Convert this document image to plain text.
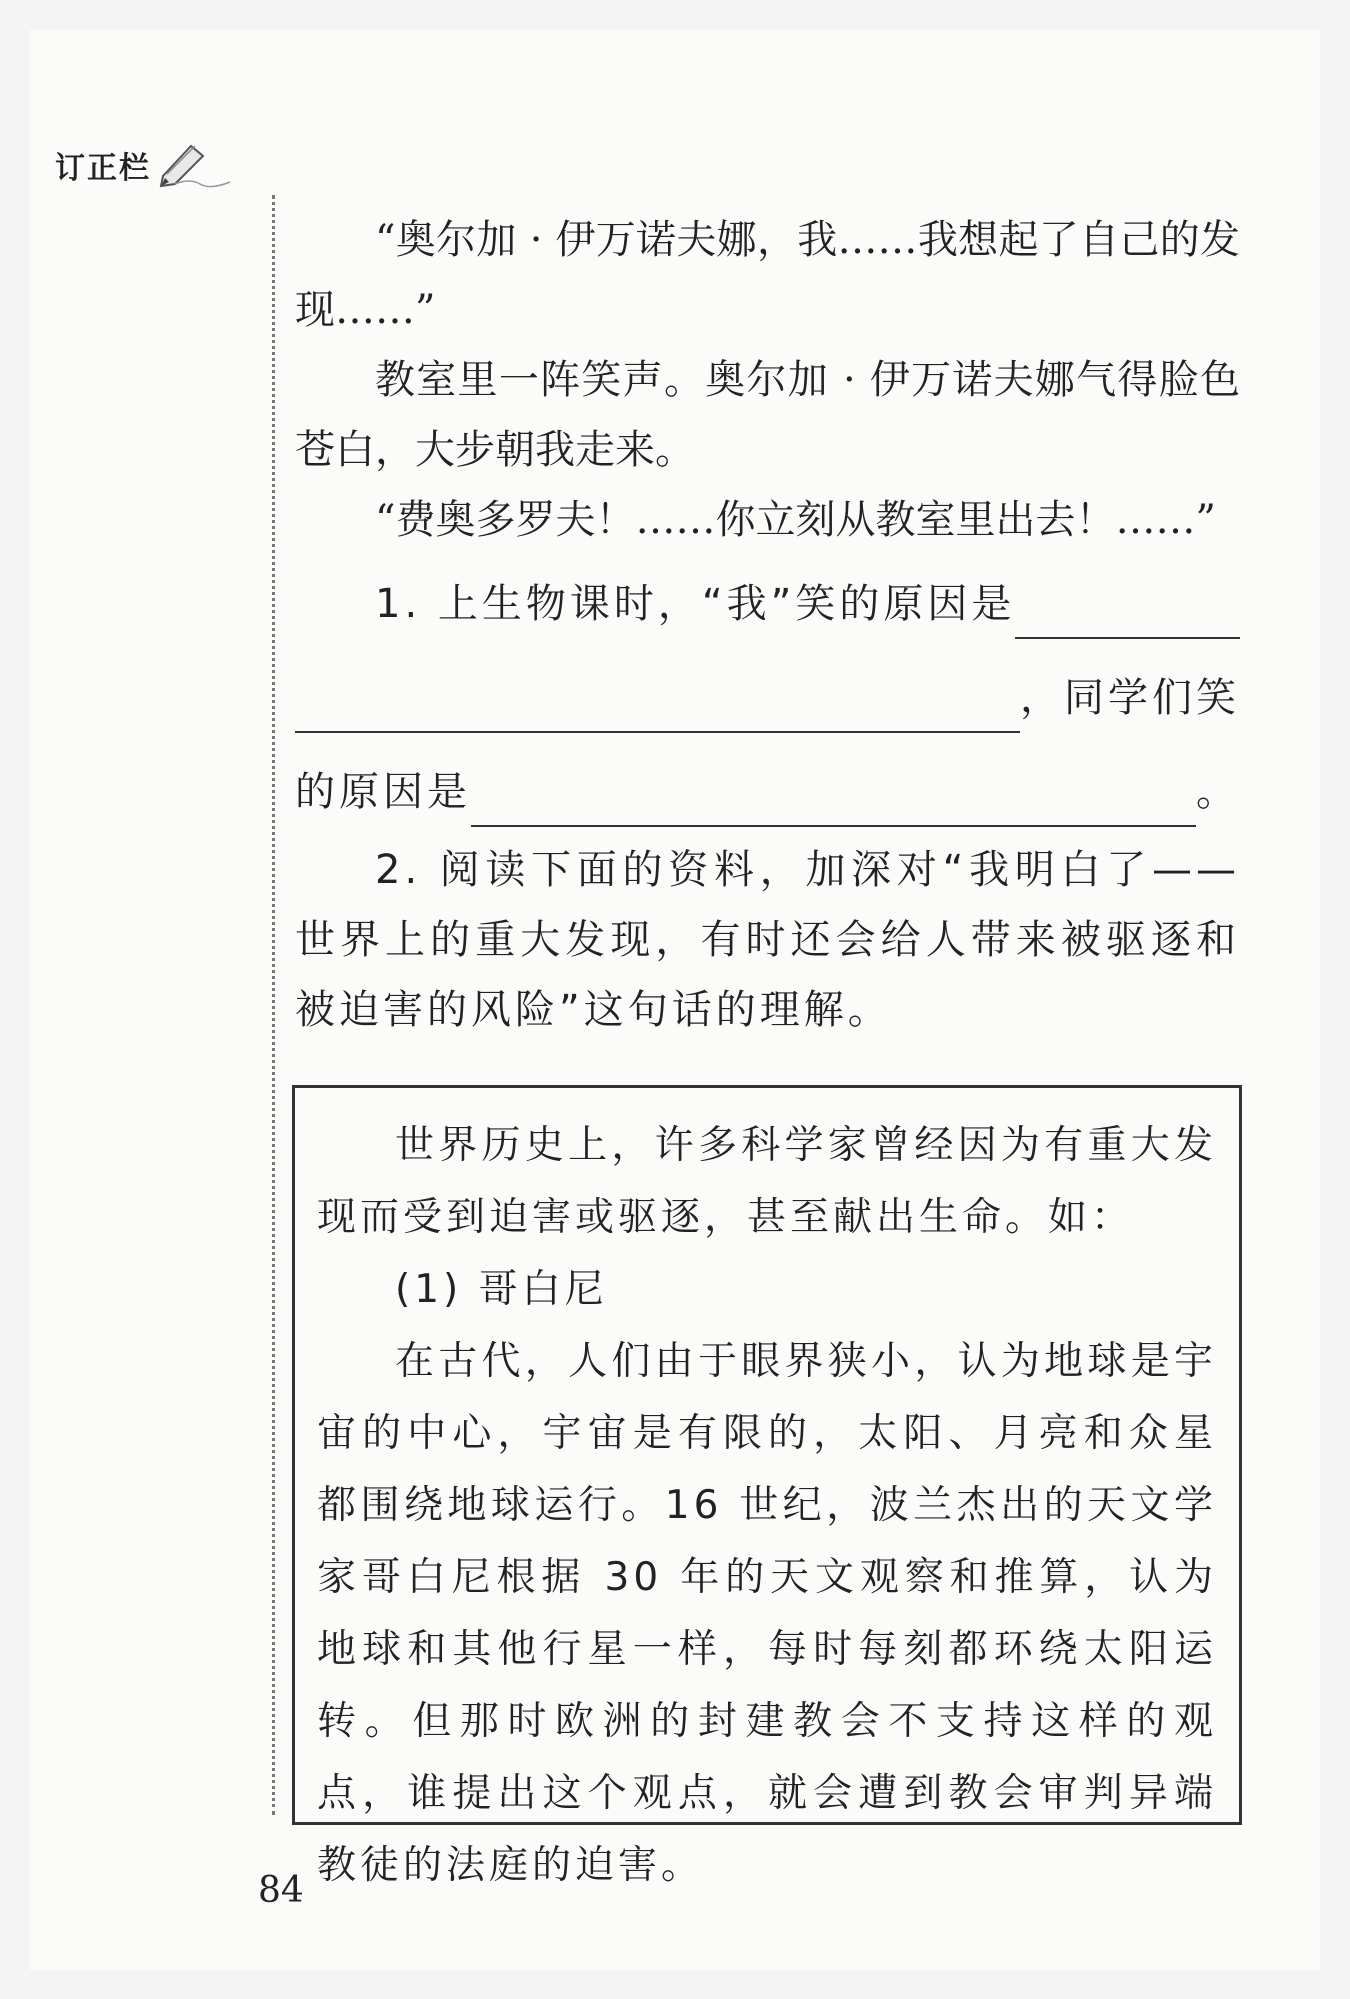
订正栏

“奥尔加 · 伊万诺夫娜，我……我想起了自己的发现……”

教室里一阵笑声。奥尔加 · 伊万诺夫娜气得脸色苍白，大步朝我走来。

“费奥多罗夫！……你立刻从教室里出去！……”

1. 上生物课时，“我”笑的原因是
，同学们笑
的原因是	。

2. 阅读下面的资料，加深对“我明白了——世界上的重大发现，有时还会给人带来被驱逐和被迫害的风险”这句话的理解。

世界历史上，许多科学家曾经因为有重大发现而受到迫害或驱逐，甚至献出生命。如：

(1) 哥白尼

在古代，人们由于眼界狭小，认为地球是宇宙的中心，宇宙是有限的，太阳、月亮和众星都围绕地球运行。16 世纪，波兰杰出的天文学家哥白尼根据 30 年的天文观察和推算，认为地球和其他行星一样，每时每刻都环绕太阳运转。但那时欧洲的封建教会不支持这样的观点，谁提出这个观点，就会遭到教会审判异端教徒的法庭的迫害。

84
